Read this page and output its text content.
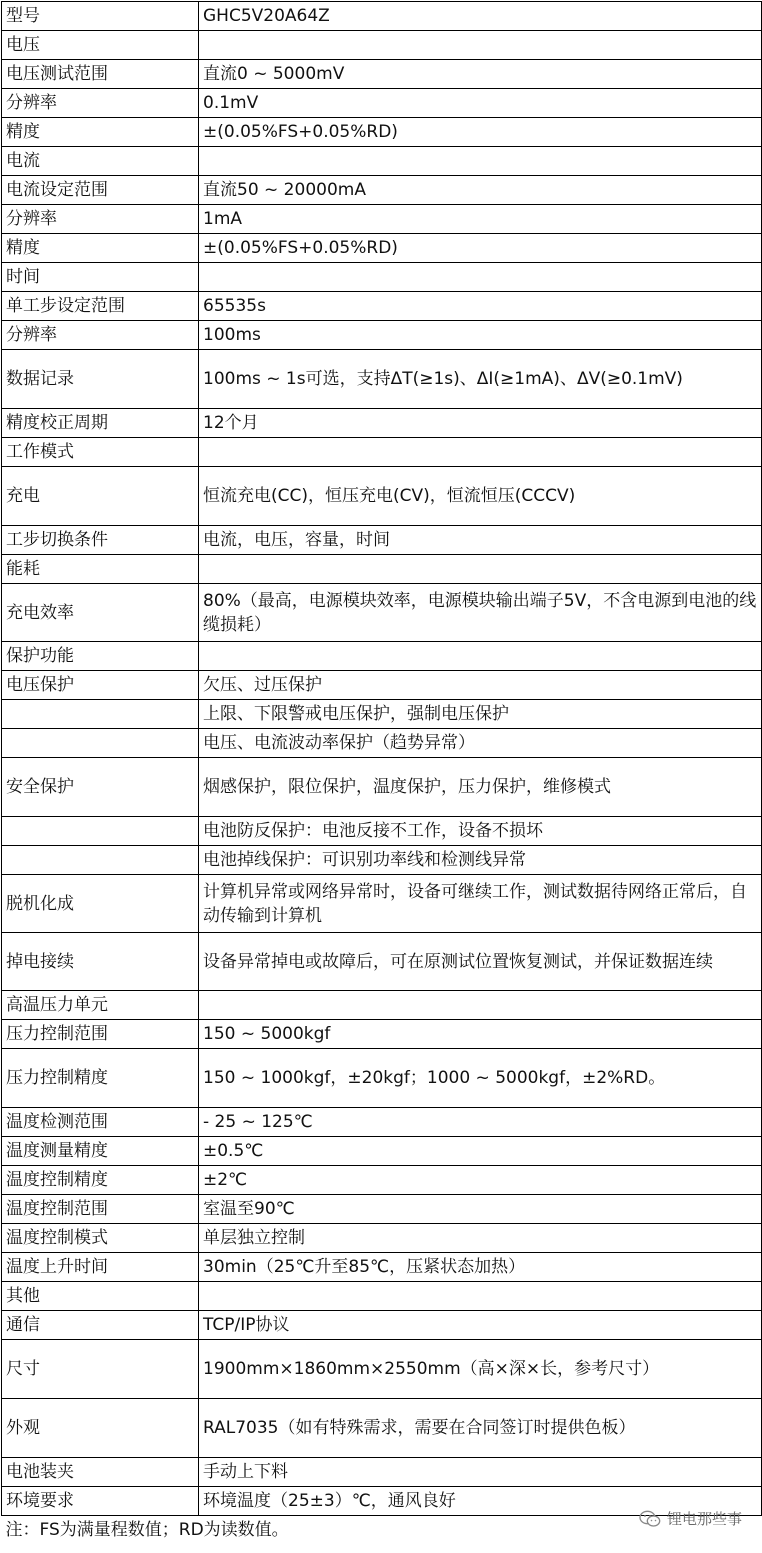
型号	GHC5V20A64Z
电压	
电压测试范围	直流0 ~ 5000mV
分辨率	0.1mV
精度	±(0.05%FS+0.05%RD)
电流	
电流设定范围	直流50 ~ 20000mA
分辨率	1mA
精度	±(0.05%FS+0.05%RD)
时间	
单工步设定范围	65535s
分辨率	100ms
数据记录	100ms ~ 1s可选，支持ΔT(≥1s)、ΔI(≥1mA)、ΔV(≥0.1mV)
精度校正周期	12个月
工作模式	
充电	恒流充电(CC)，恒压充电(CV)，恒流恒压(CCCV)
工步切换条件	电流，电压，容量，时间
能耗	
充电效率	80%（最高，电源模块效率，电源模块输出端子5V，不含电源到电池的线缆损耗）
保护功能	
电压保护	欠压、过压保护
	上限、下限警戒电压保护，强制电压保护
	电压、电流波动率保护（趋势异常）
安全保护	烟感保护，限位保护，温度保护，压力保护，维修模式
	电池防反保护：电池反接不工作，设备不损坏
	电池掉线保护：可识别功率线和检测线异常
脱机化成	计算机异常或网络异常时，设备可继续工作，测试数据待网络正常后，自动传输到计算机
掉电接续	设备异常掉电或故障后，可在原测试位置恢复测试，并保证数据连续
高温压力单元	
压力控制范围	150 ~ 5000kgf
压力控制精度	150 ~ 1000kgf，±20kgf；1000 ~ 5000kgf，±2%RD。
温度检测范围	- 25 ~ 125℃
温度测量精度	±0.5℃
温度控制精度	±2℃
温度控制范围	室温至90℃
温度控制模式	单层独立控制
温度上升时间	30min（25℃升至85℃，压紧状态加热）
其他	
通信	TCP/IP协议
尺寸	1900mm×1860mm×2550mm（高×深×长，参考尺寸）
外观	RAL7035（如有特殊需求，需要在合同签订时提供色板）
电池装夹	手动上下料
环境要求	环境温度（25±3）℃，通风良好
注：FS为满量程数值；RD为读数值。	
锂电那些事
